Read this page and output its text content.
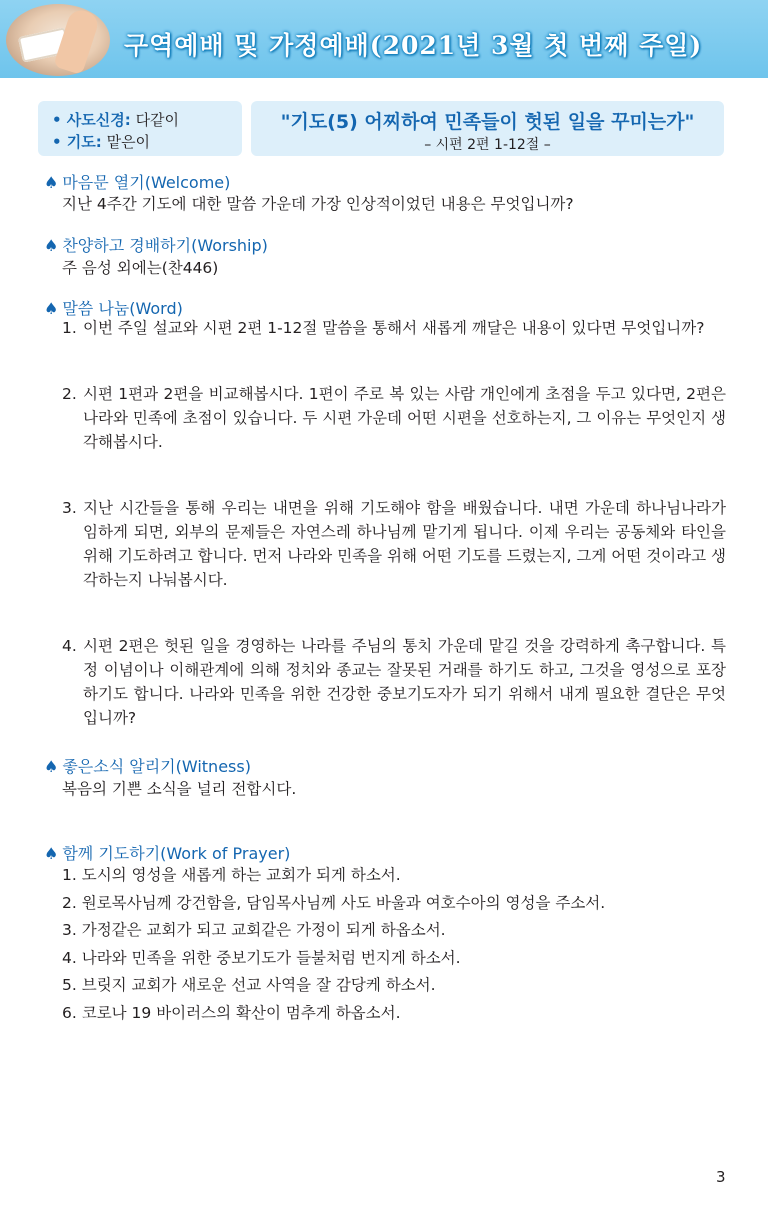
구역예배 및 가정예배(2021년 3월 첫 번째 주일)
• 사도신경: 다같이
• 기도: 맡은이
"기도(5) 어찌하여 민족들이 헛된 일을 꾸미는가"
– 시편 2편 1-12절 –
♠ 마음문 열기(Welcome)
지난 4주간 기도에 대한 말씀 가운데 가장 인상적이었던 내용은 무엇입니까?
♠ 찬양하고 경배하기(Worship)
주 음성 외에는(찬446)
♠ 말씀 나눔(Word)
1. 이번 주일 설교와 시편 2편 1-12절 말씀을 통해서 새롭게 깨달은 내용이 있다면 무엇입니까?
2. 시편 1편과 2편을 비교해봅시다. 1편이 주로 복 있는 사람 개인에게 초점을 두고 있다면, 2편은 나라와 민족에 초점이 있습니다. 두 시편 가운데 어떤 시편을 선호하는지, 그 이유는 무엇인지 생각해봅시다.
3. 지난 시간들을 통해 우리는 내면을 위해 기도해야 함을 배웠습니다. 내면 가운데 하나님나라가 임하게 되면, 외부의 문제들은 자연스레 하나님께 맡기게 됩니다. 이제 우리는 공동체와 타인을 위해 기도하려고 합니다. 먼저 나라와 민족을 위해 어떤 기도를 드렸는지, 그게 어떤 것이라고 생각하는지 나눠봅시다.
4. 시편 2편은 헛된 일을 경영하는 나라를 주님의 통치 가운데 맡길 것을 강력하게 촉구합니다. 특정 이념이나 이해관계에 의해 정치와 종교는 잘못된 거래를 하기도 하고, 그것을 영성으로 포장하기도 합니다. 나라와 민족을 위한 건강한 중보기도자가 되기 위해서 내게 필요한 결단은 무엇입니까?
♠ 좋은소식 알리기(Witness)
복음의 기쁜 소식을 널리 전합시다.
♠ 함께 기도하기(Work of Prayer)
1. 도시의 영성을 새롭게 하는 교회가 되게 하소서.
2. 원로목사님께 강건함을, 담임목사님께 사도 바울과 여호수아의 영성을 주소서.
3. 가정같은 교회가 되고 교회같은 가정이 되게 하옵소서.
4. 나라와 민족을 위한 중보기도가 들불처럼 번지게 하소서.
5. 브릿지 교회가 새로운 선교 사역을 잘 감당케 하소서.
6. 코로나 19 바이러스의 확산이 멈추게 하옵소서.
3
